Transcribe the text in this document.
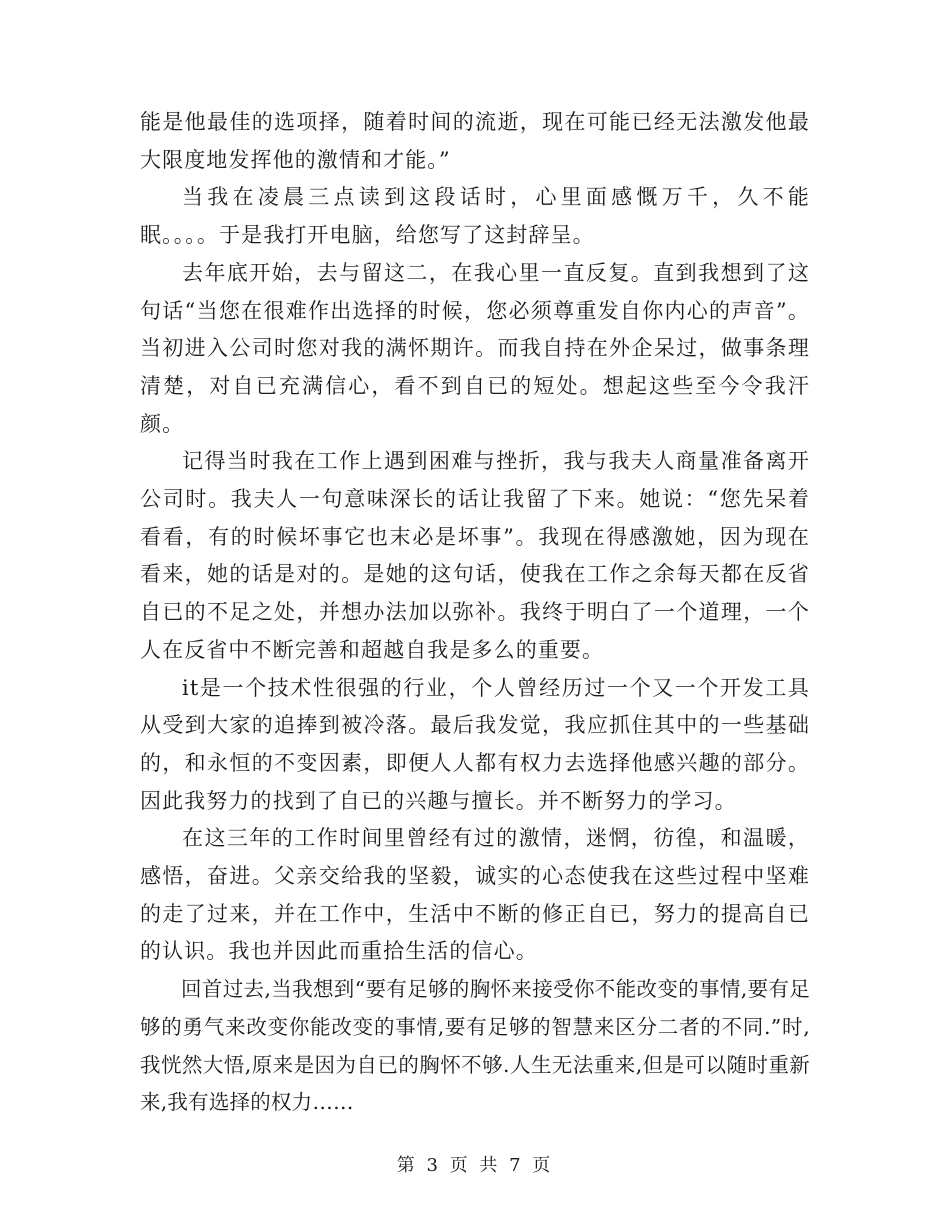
能是他最佳的选项择，随着时间的流逝，现在可能已经无法激发他最大限度地发挥他的激情和才能。”

当我在凌晨三点读到这段话时，心里面感慨万千，久不能眠。。。。于是我打开电脑，给您写了这封辞呈。

去年底开始，去与留这二，在我心里一直反复。直到我想到了这句话“当您在很难作出选择的时候，您必须尊重发自你内心的声音”。当初进入公司时您对我的满怀期许。而我自持在外企呆过，做事条理清楚，对自已充满信心，看不到自已的短处。想起这些至今令我汗颜。

记得当时我在工作上遇到困难与挫折，我与我夫人商量准备离开公司时。我夫人一句意味深长的话让我留了下来。她说：“您先呆着看看，有的时候坏事它也末必是坏事”。我现在得感激她，因为现在看来，她的话是对的。是她的这句话，使我在工作之余每天都在反省自已的不足之处，并想办法加以弥补。我终于明白了一个道理，一个人在反省中不断完善和超越自我是多么的重要。

it是一个技术性很强的行业，个人曾经历过一个又一个开发工具从受到大家的追捧到被冷落。最后我发觉，我应抓住其中的一些基础的，和永恒的不变因素，即便人人都有权力去选择他感兴趣的部分。因此我努力的找到了自已的兴趣与擅长。并不断努力的学习。

在这三年的工作时间里曾经有过的激情，迷惘，彷徨，和温暖，感悟，奋进。父亲交给我的坚毅，诚实的心态使我在这些过程中坚难的走了过来，并在工作中，生活中不断的修正自已，努力的提高自已的认识。我也并因此而重拾生活的信心。

回首过去,当我想到“要有足够的胸怀来接受你不能改变的事情,要有足够的勇气来改变你能改变的事情,要有足够的智慧来区分二者的不同.”时,我恍然大悟,原来是因为自已的胸怀不够.人生无法重来,但是可以随时重新来,我有选择的权力……

第 3 页 共 7 页
